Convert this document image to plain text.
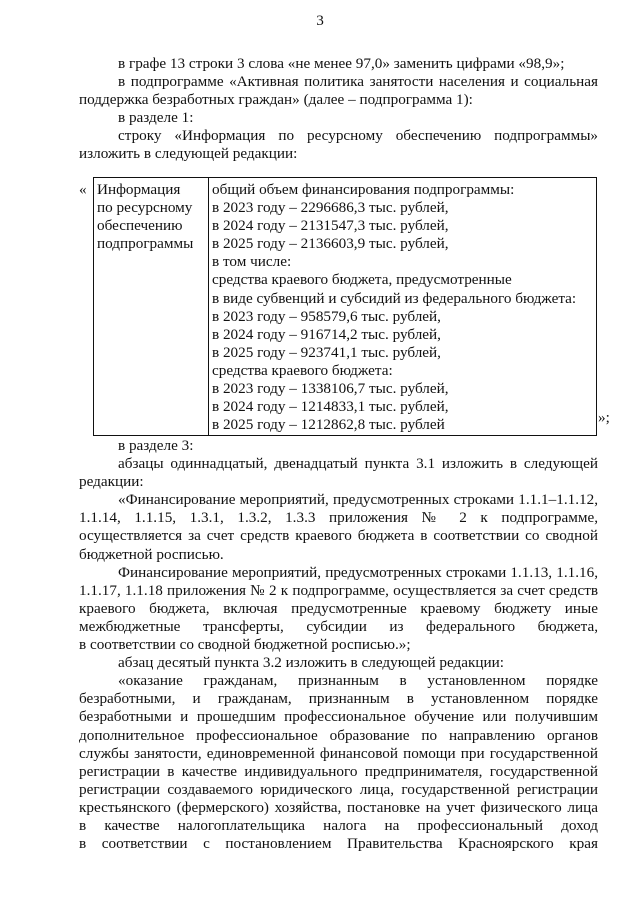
3
в графе 13 строки 3 слова «не менее 97,0» заменить цифрами «98,9»;
в подпрограмме «Активная политика занятости населения и социальная
поддержка безработных граждан» (далее – подпрограмма 1):
в разделе 1:
строку «Информация по ресурсному обеспечению подпрограммы»
изложить в следующей редакции:
« Информация
по ресурсному
обеспечению
подпрограммы

общий объем финансирования подпрограммы:
в 2023 году – 2296686,3 тыс. рублей,
в 2024 году – 2131547,3 тыс. рублей,
в 2025 году – 2136603,9 тыс. рублей,
в том числе:
средства краевого бюджета, предусмотренные
в виде субвенций и субсидий из федерального бюджета:
в 2023 году – 958579,6 тыс. рублей,
в 2024 году – 916714,2 тыс. рублей,
в 2025 году – 923741,1 тыс. рублей,
средства краевого бюджета:
в 2023 году – 1338106,7 тыс. рублей,
в 2024 году – 1214833,1 тыс. рублей,
в 2025 году – 1212862,8 тыс. рублей	»;
в разделе 3:
абзацы одиннадцатый, двенадцатый пункта 3.1 изложить в следующей
редакции:
«Финансирование мероприятий, предусмотренных строками 1.1.1–1.1.12,
1.1.14, 1.1.15, 1.3.1, 1.3.2, 1.3.3 приложения № 2 к подпрограмме,
осуществляется за счет средств краевого бюджета в соответствии со сводной
бюджетной росписью.
Финансирование мероприятий, предусмотренных строками 1.1.13, 1.1.16,
1.1.17, 1.1.18 приложения № 2 к подпрограмме, осуществляется за счет средств
краевого бюджета, включая предусмотренные краевому бюджету иные
межбюджетные трансферты, субсидии из федерального бюджета,
в соответствии со сводной бюджетной росписью.»;
абзац десятый пункта 3.2 изложить в следующей редакции:
«оказание гражданам, признанным в установленном порядке
безработными, и гражданам, признанным в установленном порядке
безработными и прошедшим профессиональное обучение или получившим
дополнительное профессиональное образование по направлению органов
службы занятости, единовременной финансовой помощи при государственной
регистрации в качестве индивидуального предпринимателя, государственной
регистрации создаваемого юридического лица, государственной регистрации
крестьянского (фермерского) хозяйства, постановке на учет физического лица
в качестве налогоплательщика налога на профессиональный доход
в соответствии с постановлением Правительства Красноярского края
